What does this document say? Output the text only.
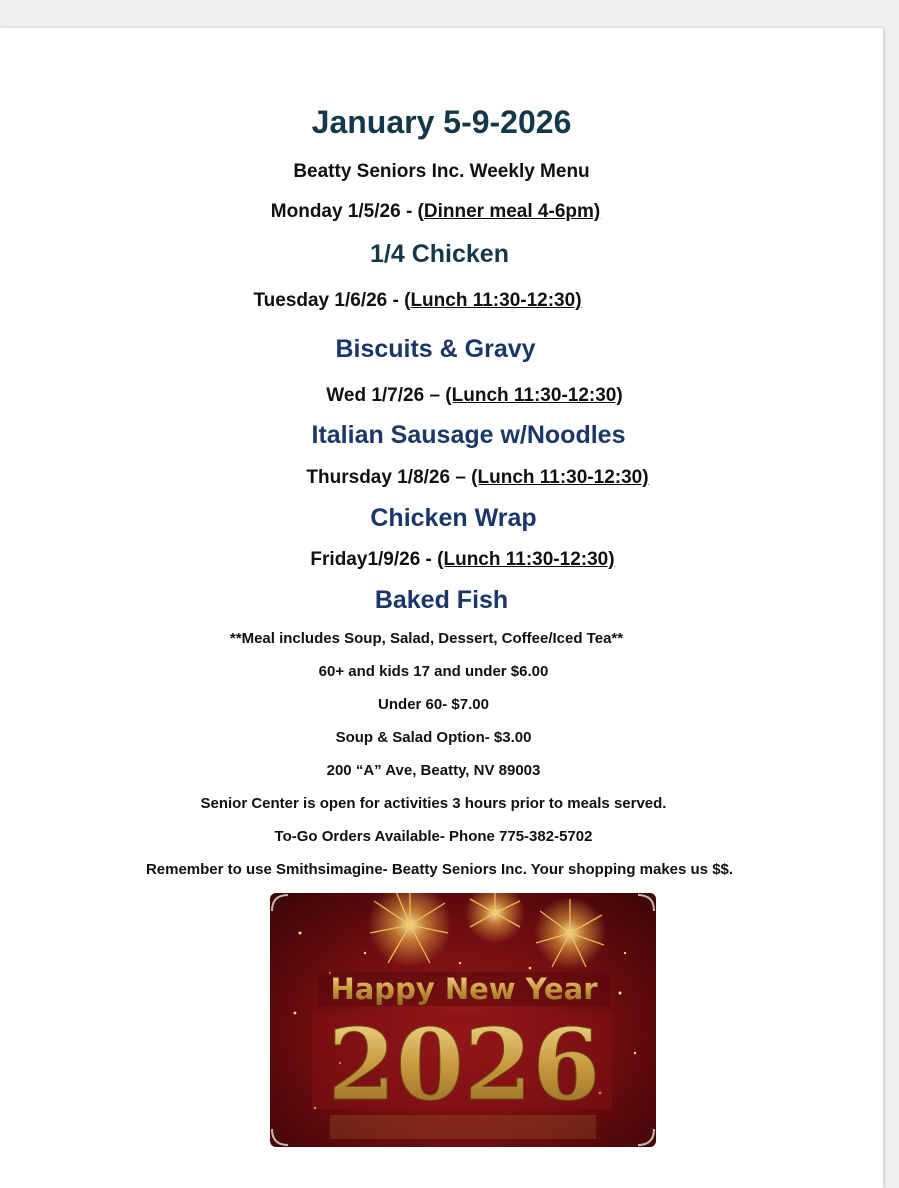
January 5-9-2026
Beatty Seniors Inc. Weekly Menu
Monday 1/5/26 - (Dinner meal 4-6pm)
1/4 Chicken
Tuesday 1/6/26 - (Lunch 11:30-12:30)
Biscuits & Gravy
Wed 1/7/26 – (Lunch 11:30-12:30)
Italian Sausage w/Noodles
Thursday 1/8/26 – (Lunch 11:30-12:30)
Chicken Wrap
Friday1/9/26 - (Lunch 11:30-12:30)
Baked Fish
**Meal includes Soup, Salad, Dessert, Coffee/Iced Tea**
60+ and kids 17 and under $6.00
Under 60- $7.00
Soup & Salad Option- $3.00
200 “A” Ave, Beatty, NV 89003
Senior Center is open for activities 3 hours prior to meals served.
To-Go Orders Available- Phone 775-382-5702
Remember to use Smithsimagine- Beatty Seniors Inc. Your shopping makes us $$.
Happy New Year
2026
